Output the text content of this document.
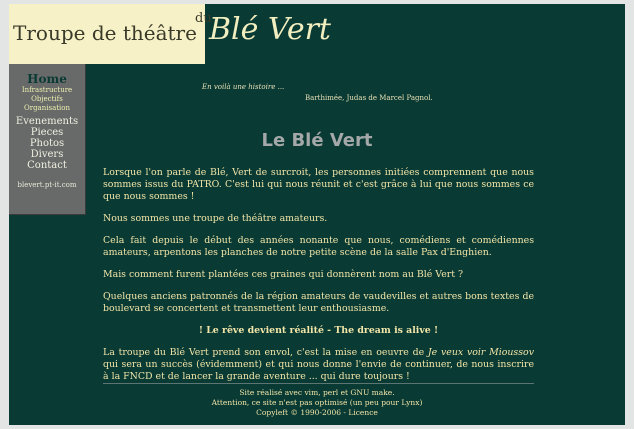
Troupe de théâtre
du
Blé Vert
Home
Infrastructure
Objectifs
Organisation
Evenements
Pieces
Photos
Divers
Contact
blevert.pt-it.com
En voilà une histoire ...
Barthimée, Judas de Marcel Pagnol.
Le Blé Vert

Lorsque l'on parle de Blé, Vert de surcroit, les personnes initiées comprennent que nous sommes issus du PATRO. C'est lui qui nous réunit et c'est grâce à lui que nous sommes ce que nous sommes !

Nous sommes une troupe de théâtre amateurs.

Cela fait depuis le début des années nonante que nous, comédiens et comédiennes amateurs, arpentons les planches de notre petite scène de la salle Pax d'Enghien.

Mais comment furent plantées ces graines qui donnèrent nom au Blé Vert ?

Quelques anciens patronnés de la région amateurs de vaudevilles et autres bons textes de boulevard se concertent et transmettent leur enthousiasme.

! Le rêve devient réalité - The dream is alive !

La troupe du Blé Vert prend son envol, c'est la mise en oeuvre de Je veux voir Mioussov qui sera un succès (évidemment) et qui nous donne l'envie de continuer, de nous inscrire à la FNCD et de lancer la grande aventure ... qui dure toujours !

Site réalisé avec vim, perl et GNU make.
Attention, ce site n'est pas optimisé (un peu pour Lynx)
Copyleft © 1990-2006 - Licence
